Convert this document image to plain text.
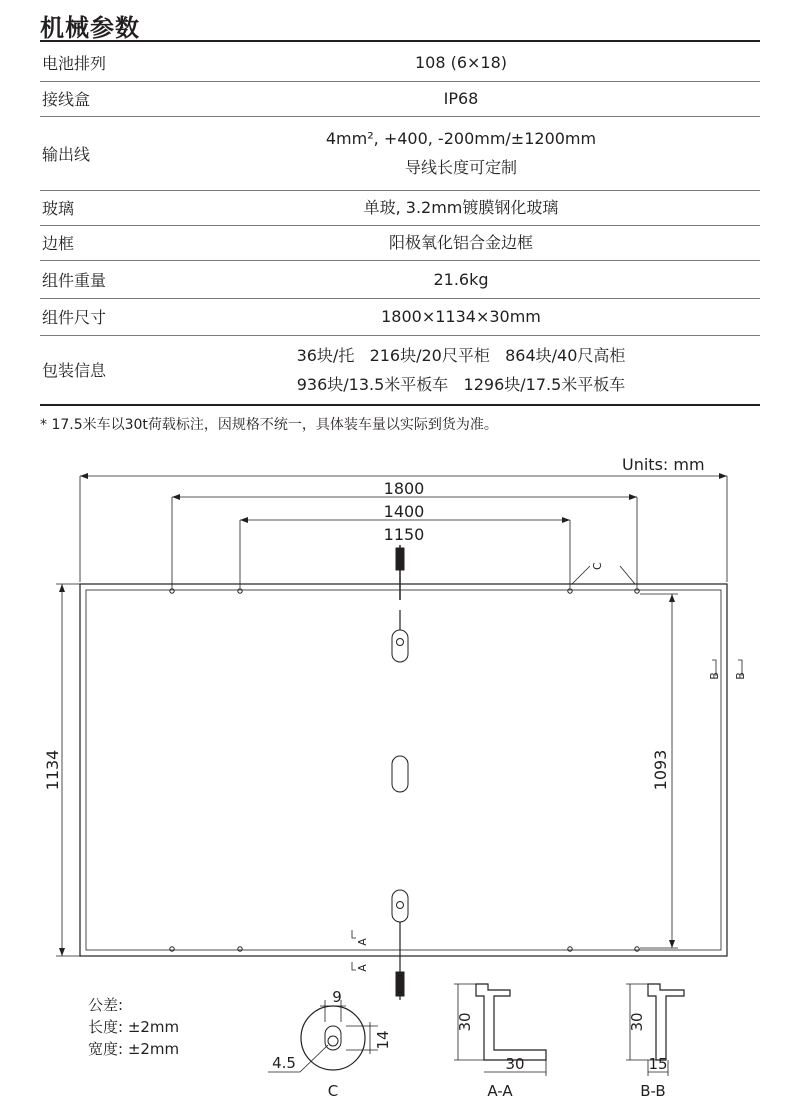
机械参数
电池排列	108 (6×18)

接线盒	IP68

输出线	4mm², +400, -200mm/±1200mm
导线长度可定制

玻璃	单玻, 3.2mm镀膜钢化玻璃

边框	阳极氧化铝合金边框

组件重量	21.6kg

组件尺寸	1800×1134×30mm

包装信息	36块/托   216块/20尺平柜   864块/40尺高柜
936块/13.5米平板车   1296块/17.5米平板车
* 17.5米车以30t荷载标注，因规格不统一，具体装车量以实际到货为准。
Units: mm
1800
1400
1150
1134	1093
C
B B
A
A
9
14
4.5
C
30
30
A-A
30
15
B-B
公差:
长度: ±2mm
宽度: ±2mm
